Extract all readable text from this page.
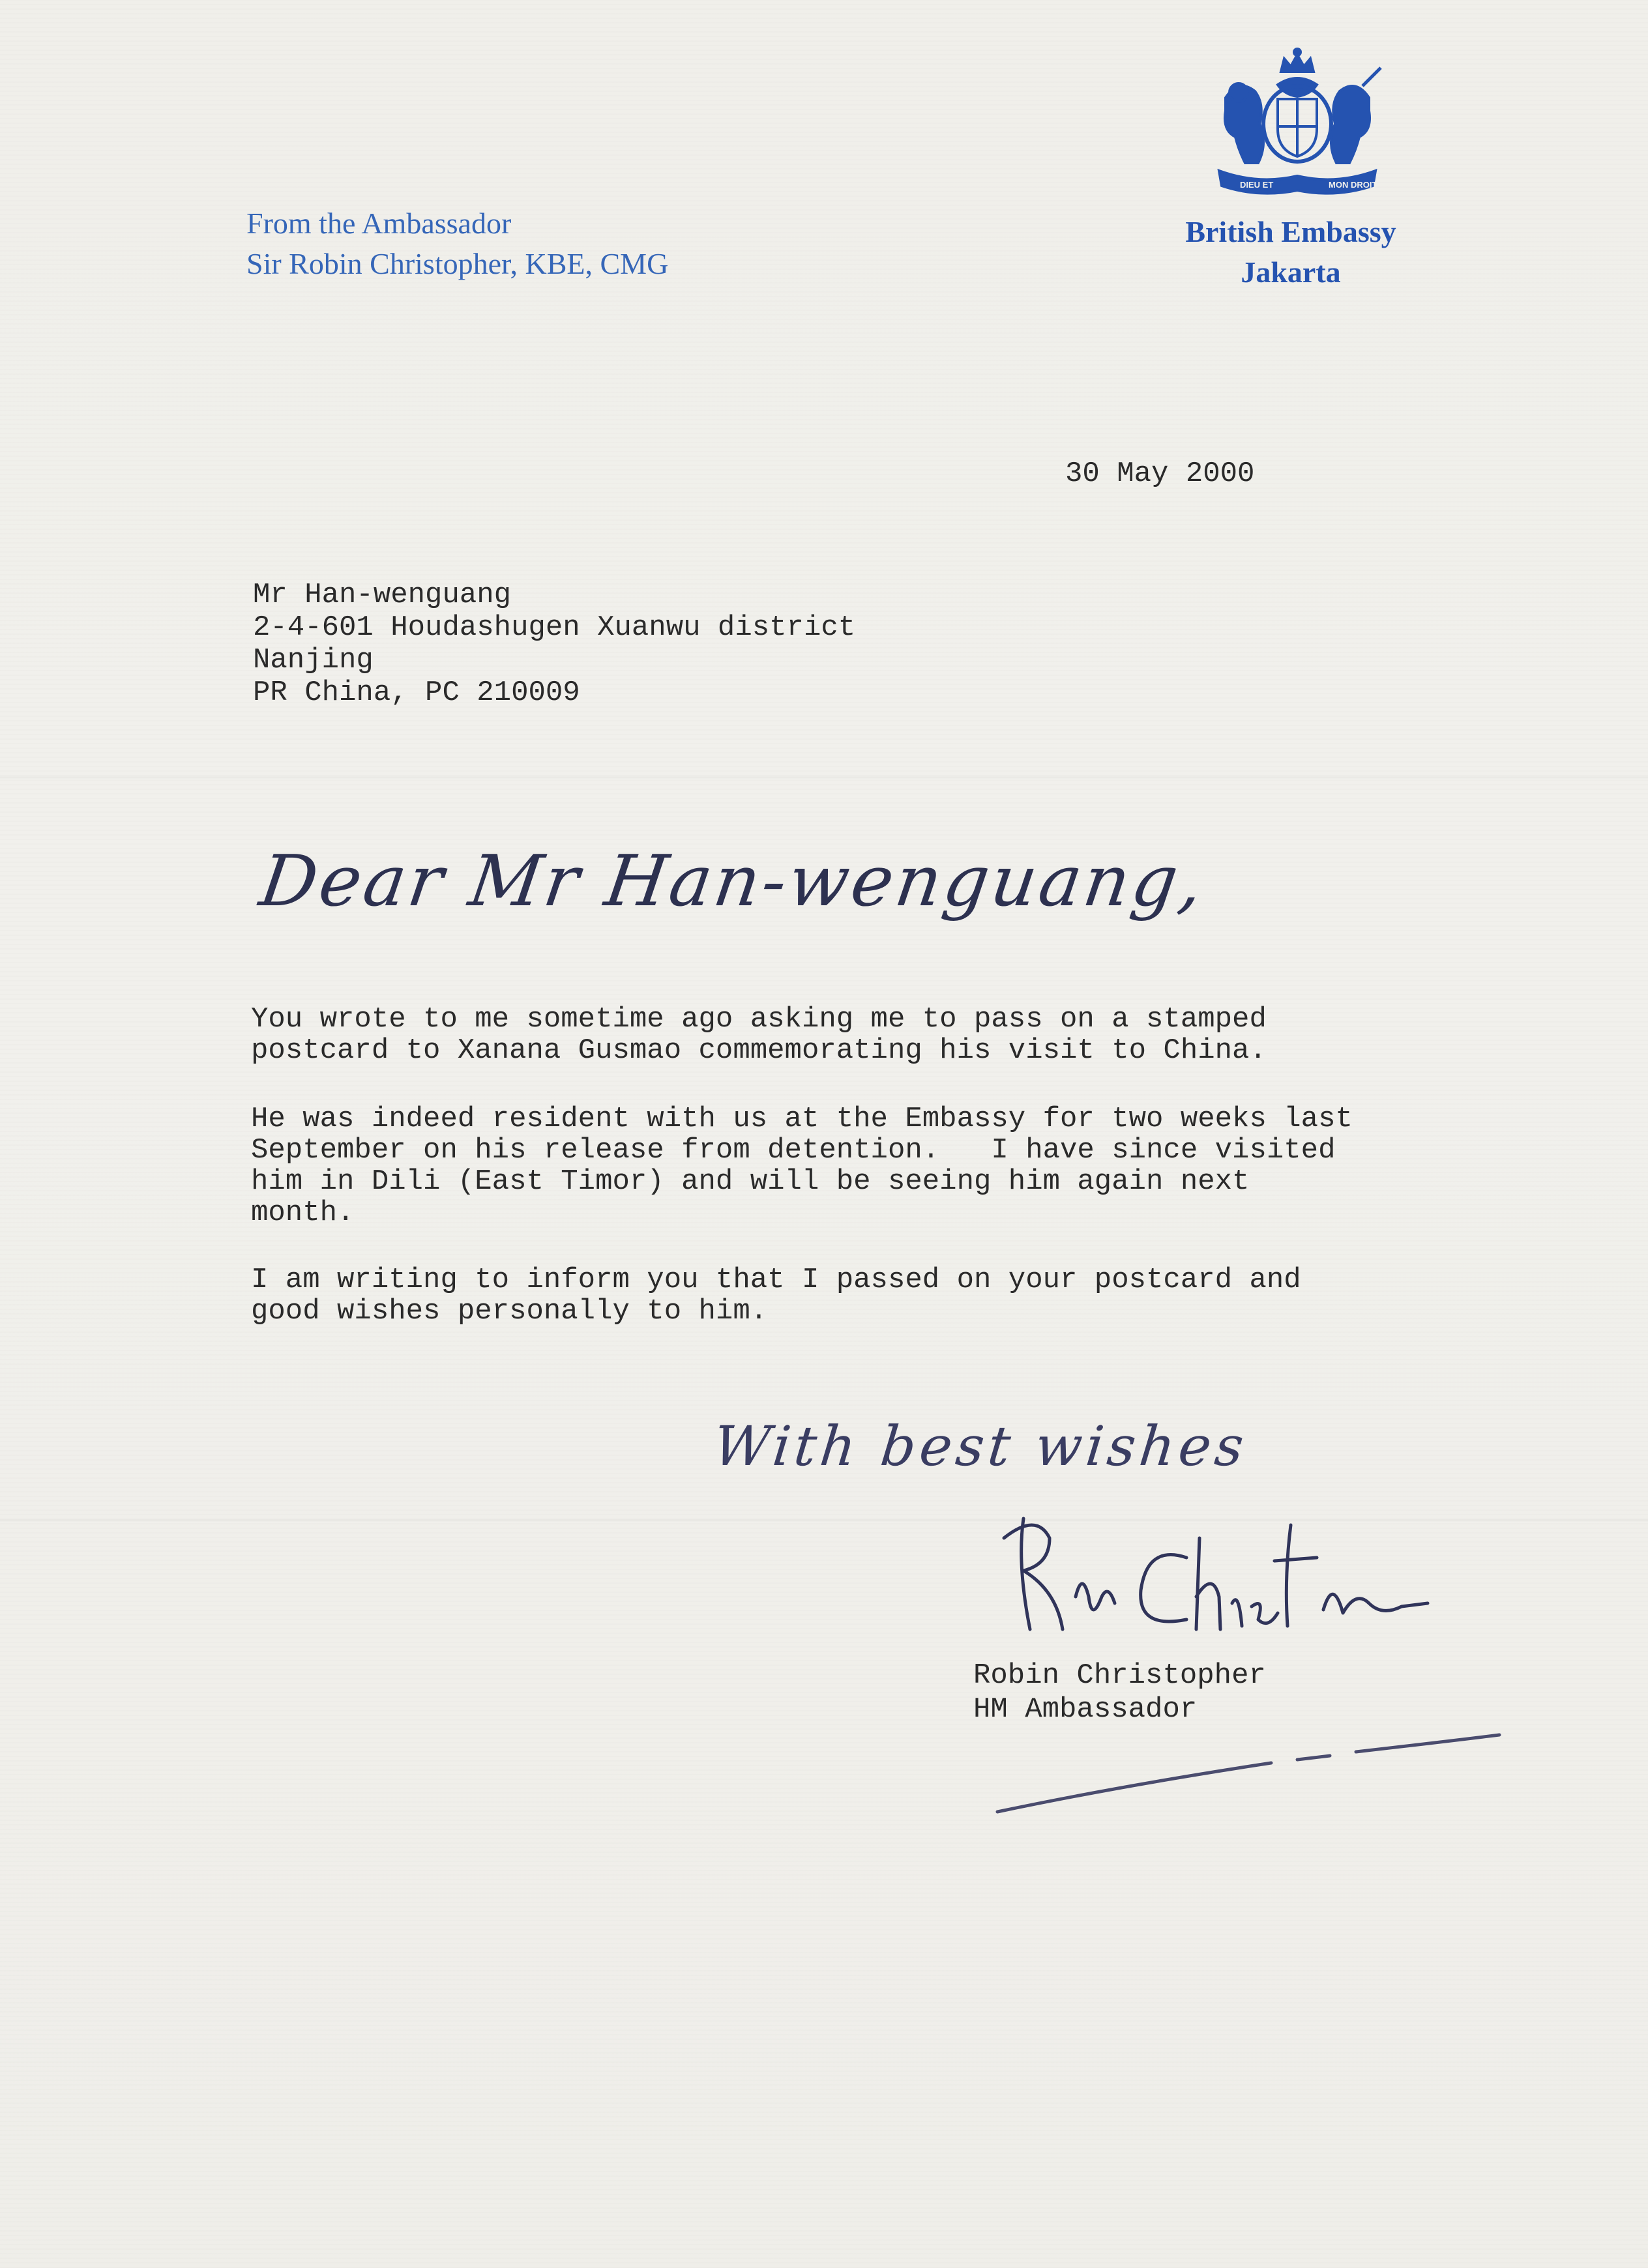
DIEU ET	MON DROIT
From the Ambassador
Sir Robin Christopher, KBE, CMG
British Embassy
Jakarta
30 May 2000
Mr Han-wenguang
2-4-601 Houdashugen Xuanwu district
Nanjing
PR China, PC 210009
Dear Mr Han-wenguang,
You wrote to me sometime ago asking me to pass on a stamped
postcard to Xanana Gusmao commemorating his visit to China.
He was indeed resident with us at the Embassy for two weeks last
September on his release from detention.   I have since visited
him in Dili (East Timor) and will be seeing him again next
month.
I am writing to inform you that I passed on your postcard and
good wishes personally to him.
With best wishes
Robin Christopher
HM Ambassador
